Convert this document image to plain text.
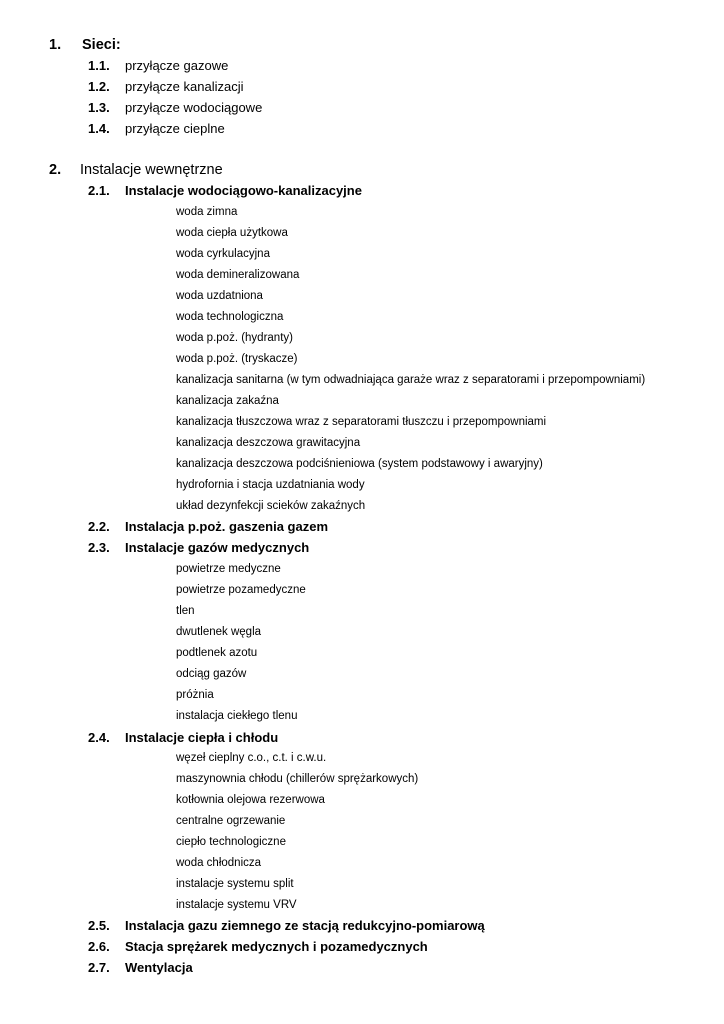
1. Sieci:
1.1. przyłącze gazowe
1.2. przyłącze kanalizacji
1.3. przyłącze wodociągowe
1.4. przyłącze cieplne
2. Instalacje wewnętrzne
2.1. Instalacje wodociągowo-kanalizacyjne
woda zimna
woda ciepła użytkowa
woda cyrkulacyjna
woda demineralizowana
woda uzdatniona
woda technologiczna
woda p.poż. (hydranty)
woda p.poż. (tryskacze)
kanalizacja sanitarna (w tym odwadniająca garaże wraz z separatorami i przepompowniami)
kanalizacja zakaźna
kanalizacja tłuszczowa wraz z separatorami tłuszczu i przepompowniami
kanalizacja deszczowa grawitacyjna
kanalizacja deszczowa podciśnieniowa (system podstawowy i awaryjny)
hydrofornia i stacja uzdatniania wody
układ dezynfekcji scieków zakaźnych
2.2. Instalacja p.poż. gaszenia gazem
2.3. Instalacje gazów medycznych
powietrze medyczne
powietrze pozamedyczne
tlen
dwutlenek węgla
podtlenek azotu
odciąg gazów
próżnia
instalacja ciekłego tlenu
2.4. Instalacje ciepła i chłodu
węzeł cieplny c.o., c.t. i c.w.u.
maszynownia chłodu (chillerów sprężarkowych)
kotłownia olejowa rezerwowa
centralne ogrzewanie
ciepło technologiczne
woda chłodnicza
instalacje systemu split
instalacje systemu VRV
2.5. Instalacja gazu ziemnego ze stacją redukcyjno-pomiarową
2.6. Stacja sprężarek medycznych i pozamedycznych
2.7. Wentylacja
